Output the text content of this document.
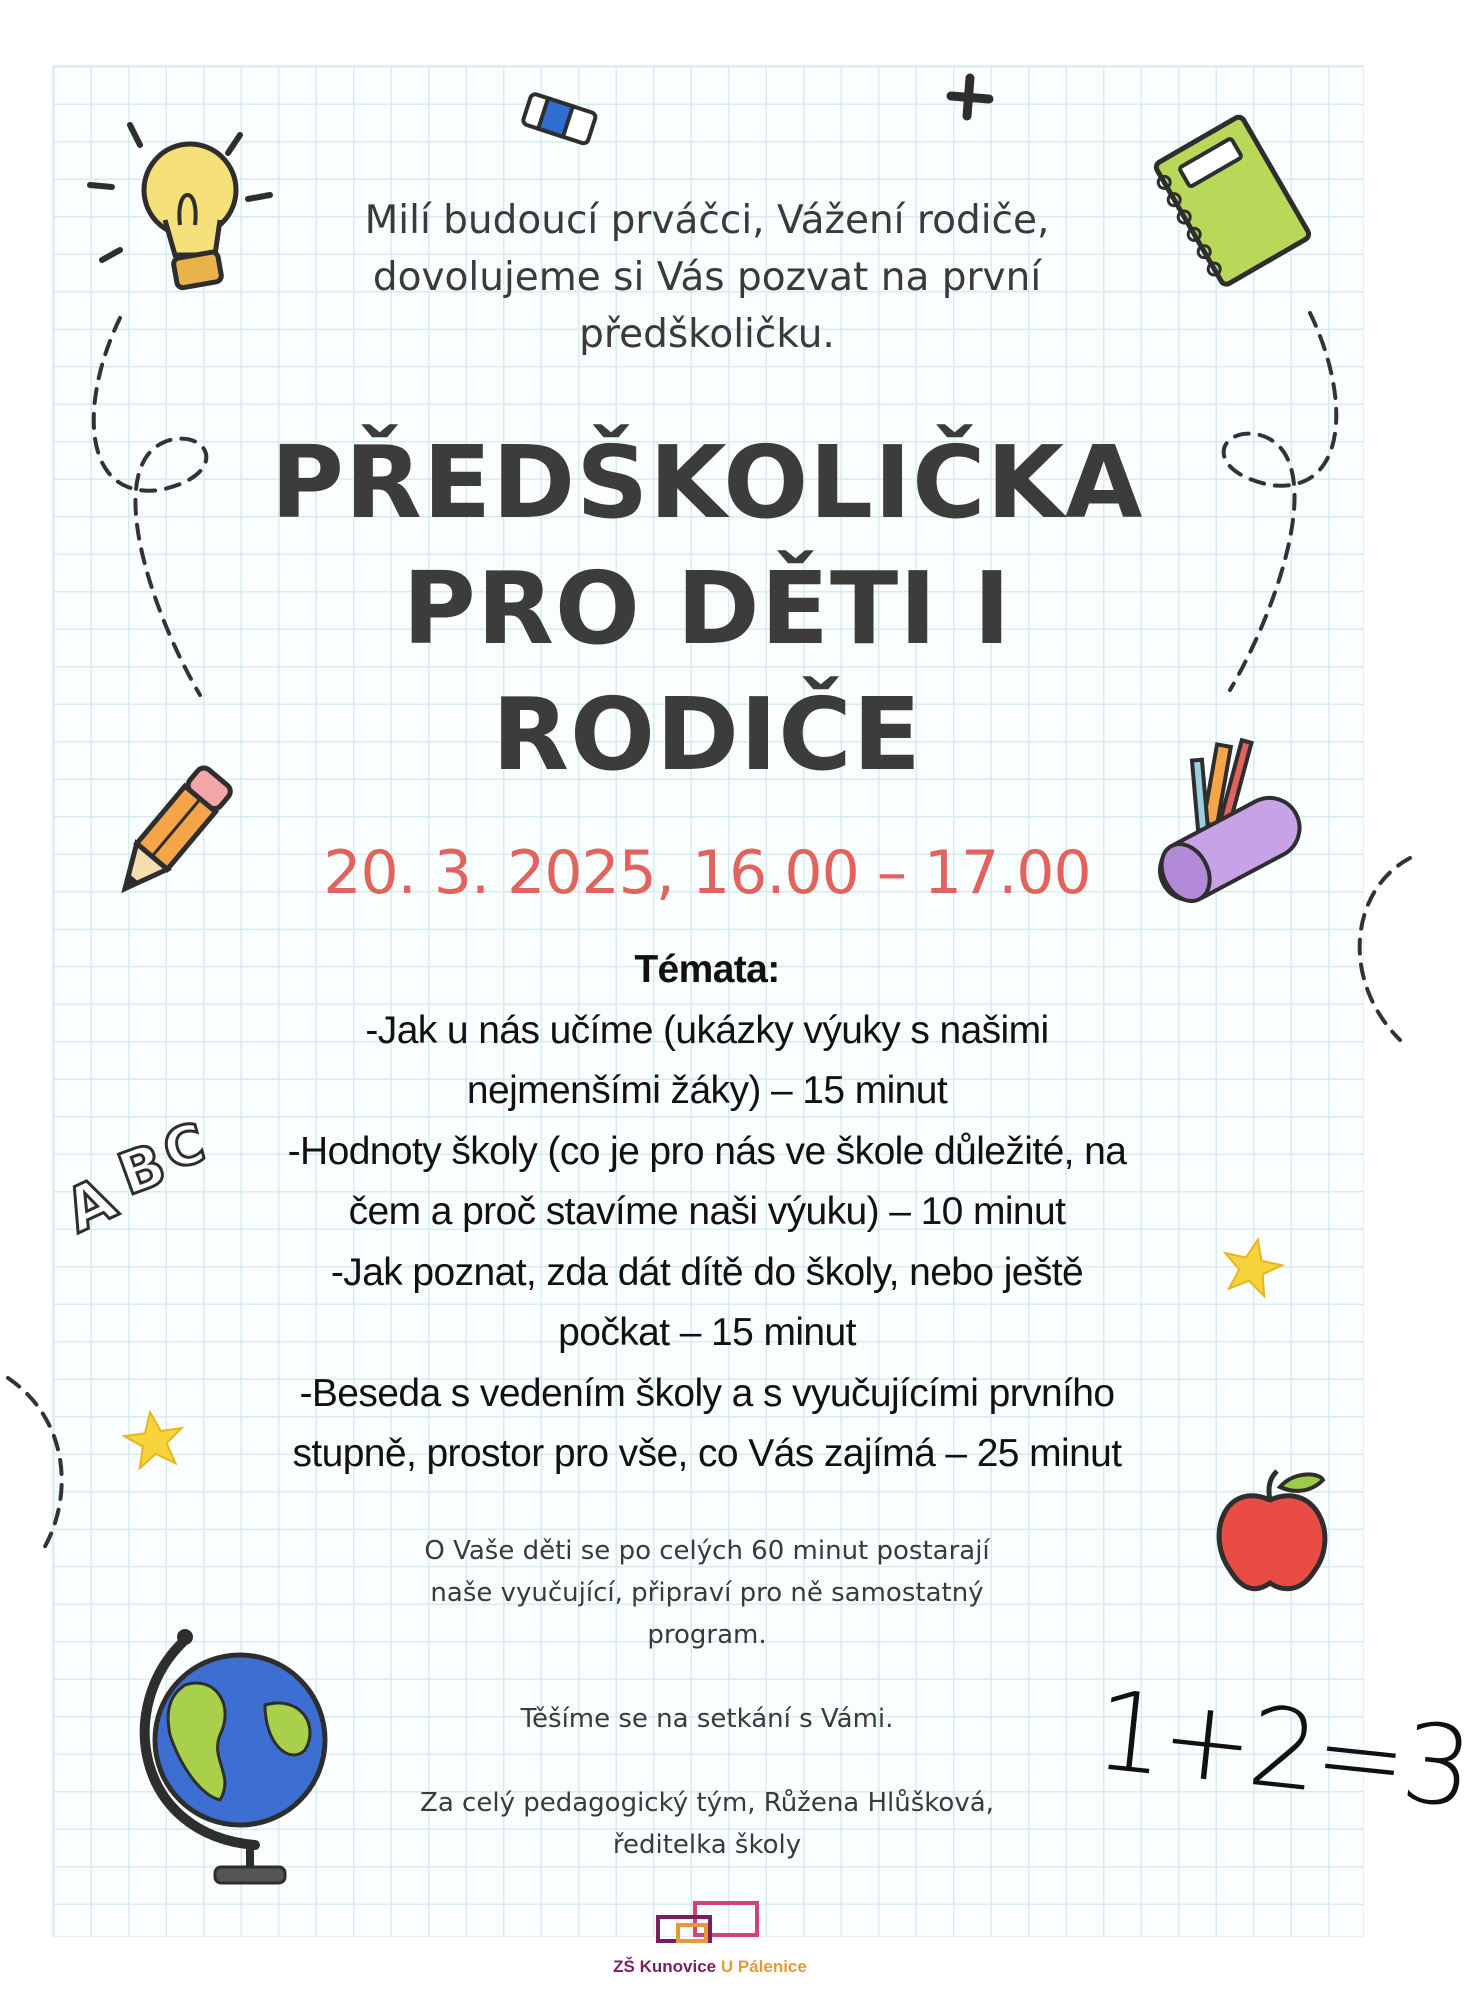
A
B
C
1+2=3
Milí budoucí prváčci, Vážení rodiče,
dovolujeme si Vás pozvat na první
předškoličku.
PŘEDŠKOLIČKA
PRO DĚTI I
RODIČE
20. 3. 2025, 16.00 – 17.00
Témata:
-Jak u nás učíme (ukázky výuky s našimi
nejmenšími žáky) – 15 minut
-Hodnoty školy (co je pro nás ve škole důležité, na
čem a proč stavíme naši výuku) – 10 minut
-Jak poznat, zda dát dítě do školy, nebo ještě
počkat – 15 minut
-Beseda s vedením školy a s vyučujícími prvního
stupně, prostor pro vše, co Vás zajímá – 25 minut
O Vaše děti se po celých 60 minut postarají
naše vyučující, připraví pro ně samostatný
program.
Těšíme se na setkání s Vámi.
Za celý pedagogický tým, Růžena Hlůšková,
ředitelka školy
ZŠ Kunovice U Pálenice
